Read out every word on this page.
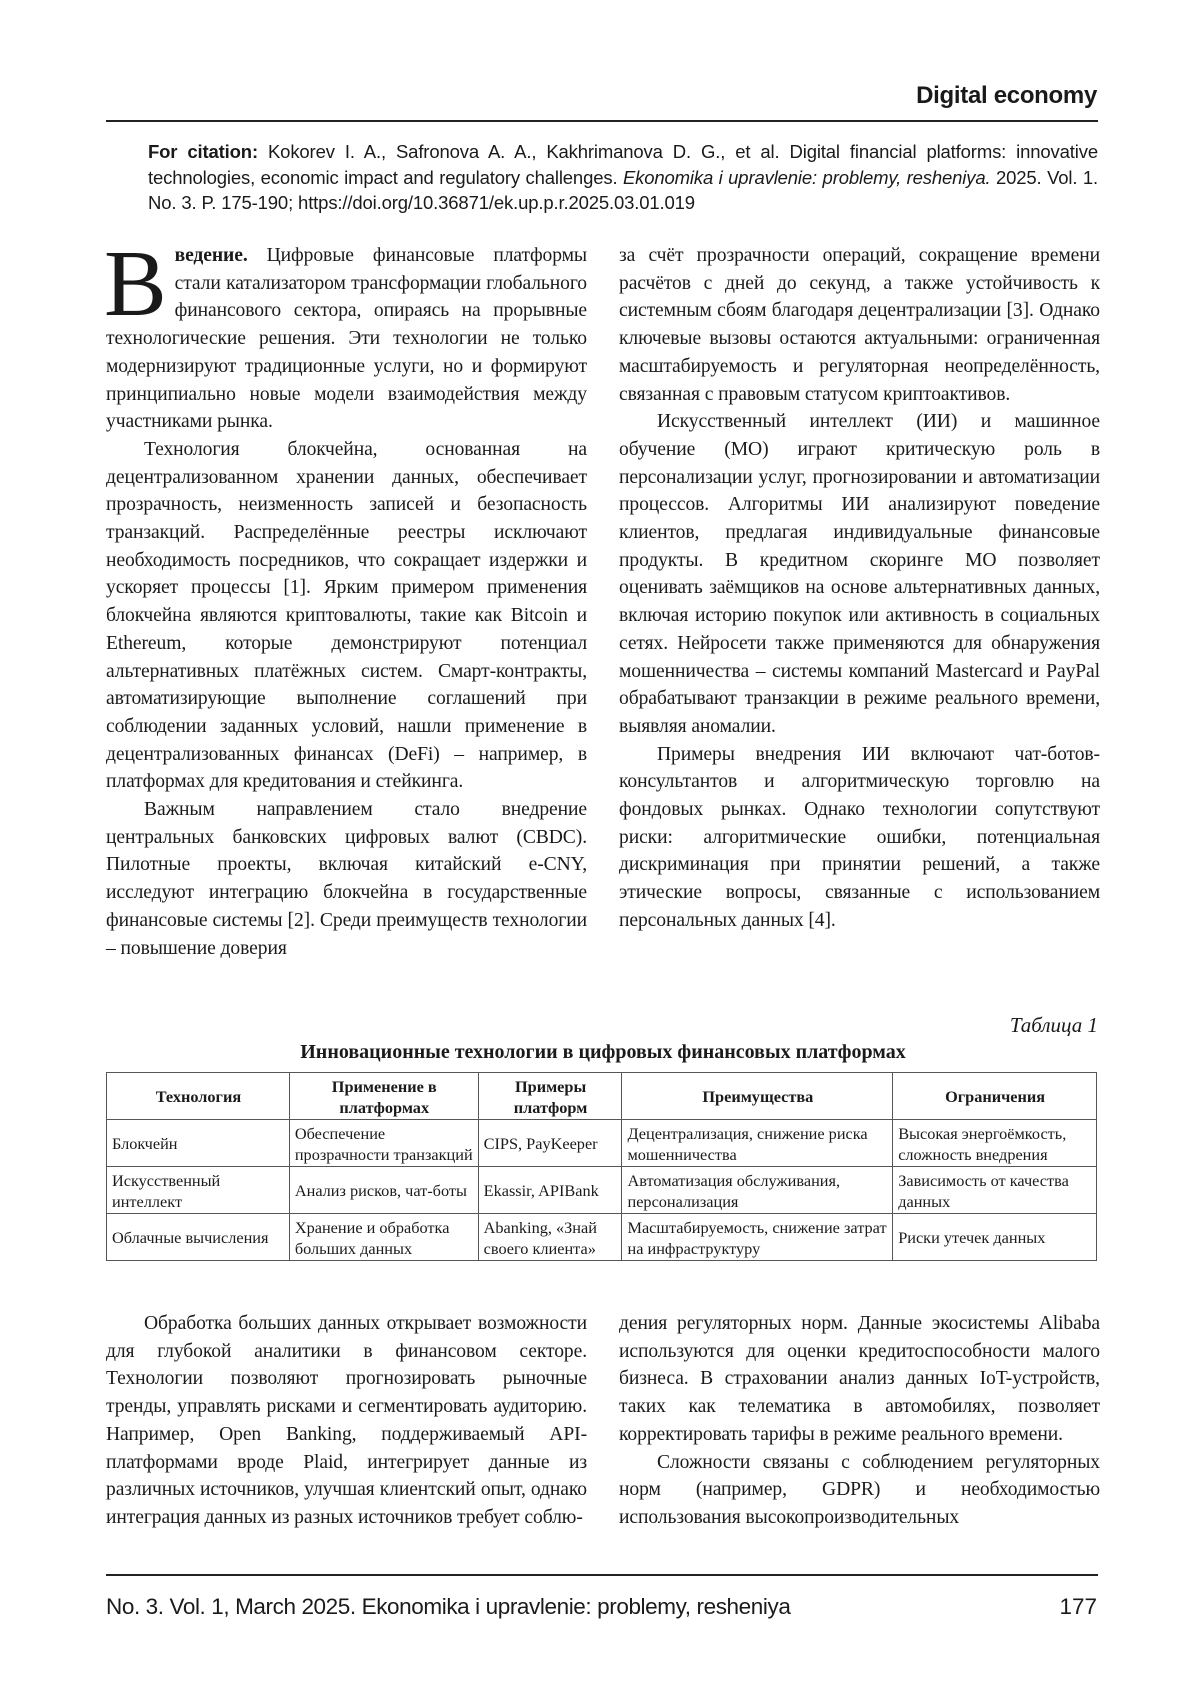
Digital economy
For citation: Kokorev I. A., Safronova A. A., Kakhrimanova D. G., et al. Digital financial platforms: innovative technologies, economic impact and regulatory challenges. Ekonomika i upravlenie: problemy, resheniya. 2025. Vol. 1. No. 3. P. 175-190; https://doi.org/10.36871/ek.up.p.r.2025.03.01.019

Введение. Цифровые финансовые платформы стали катализатором трансформации глобального финансового сектора, опираясь на прорывные технологические решения. Эти технологии не только модернизируют традиционные услуги, но и формируют принципиально новые модели взаимодействия между участниками рынка.

Технология блокчейна, основанная на децентрализованном хранении данных, обеспечивает прозрачность, неизменность записей и безопасность транзакций. Распределённые реестры исключают необходимость посредников, что сокращает издержки и ускоряет процессы [1]. Ярким примером применения блокчейна являются криптовалюты, такие как Bitcoin и Ethereum, которые демонстрируют потенциал альтернативных платёжных систем. Смарт-контракты, автоматизирующие выполнение соглашений при соблюдении заданных условий, нашли применение в децентрализованных финансах (DeFi) – например, в платформах для кредитования и стейкинга.

Важным направлением стало внедрение центральных банковских цифровых валют (CBDC). Пилотные проекты, включая китайский e-CNY, исследуют интеграцию блокчейна в государственные финансовые системы [2]. Среди преимуществ технологии – повышение доверия

за счёт прозрачности операций, сокращение времени расчётов с дней до секунд, а также устойчивость к системным сбоям благодаря децентрализации [3]. Однако ключевые вызовы остаются актуальными: ограниченная масштабируемость и регуляторная неопределённость, связанная с правовым статусом криптоактивов.

Искусственный интеллект (ИИ) и машинное обучение (МО) играют критическую роль в персонализации услуг, прогнозировании и автоматизации процессов. Алгоритмы ИИ анализируют поведение клиентов, предлагая индивидуальные финансовые продукты. В кредитном скоринге МО позволяет оценивать заёмщиков на основе альтернативных данных, включая историю покупок или активность в социальных сетях. Нейросети также применяются для обнаружения мошенничества – системы компаний Mastercard и PayPal обрабатывают транзакции в режиме реального времени, выявляя аномалии.

Примеры внедрения ИИ включают чат-ботов-консультантов и алгоритмическую торговлю на фондовых рынках. Однако технологии сопутствуют риски: алгоритмические ошибки, потенциальная дискриминация при принятии решений, а также этические вопросы, связанные с использованием персональных данных [4].

Таблица 1
Инновационные технологии в цифровых финансовых платформах
Технология	Применение в платформах	Примеры платформ	Преимущества	Ограничения
Блокчейн	Обеспечение прозрачности транзакций	CIPS, PayKeeper	Децентрализация, снижение риска мошенничества	Высокая энергоёмкость, сложность внедрения
Искусственный интеллект	Анализ рисков, чат-боты	Ekassir, APIBank	Автоматизация обслуживания, персонализация	Зависимость от качества данных
Облачные вычисления	Хранение и обработка больших данных	Abanking, «Знай своего клиента»	Масштабируемость, снижение затрат на инфраструктуру	Риски утечек данных

Обработка больших данных открывает возможности для глубокой аналитики в финансовом секторе. Технологии позволяют прогнозировать рыночные тренды, управлять рисками и сегментировать аудиторию. Например, Open Banking, поддерживаемый API-платформами вроде Plaid, интегрирует данные из различных источников, улучшая клиентский опыт, однако интеграция данных из разных источников требует соблю-

дения регуляторных норм. Данные экосистемы Alibaba используются для оценки кредитоспособности малого бизнеса. В страховании анализ данных IoT-устройств, таких как телематика в автомобилях, позволяет корректировать тарифы в режиме реального времени.

Сложности связаны с соблюдением регуляторных норм (например, GDPR) и необходимостью использования высокопроизводительных

No. 3. Vol. 1, March 2025. Ekonomika i upravlenie: problemy, resheniya	177
